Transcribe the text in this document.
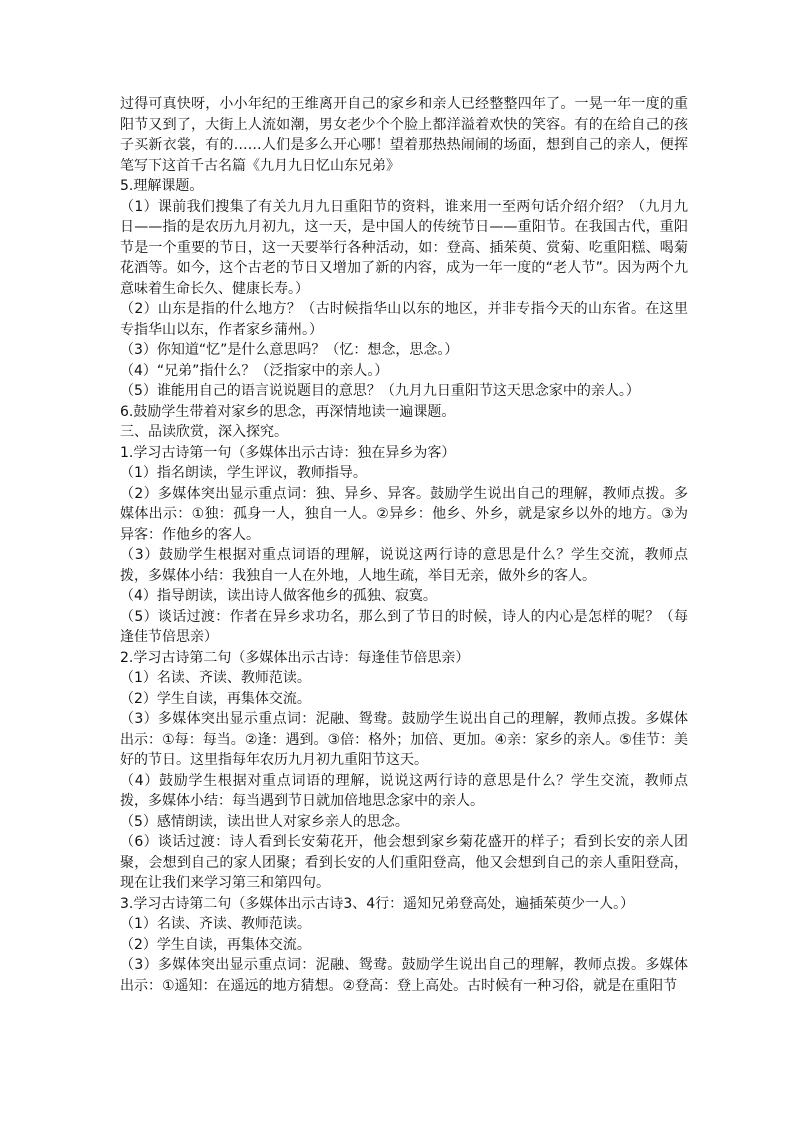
过得可真快呀，小小年纪的王维离开自己的家乡和亲人已经整整四年了。一晃一年一度的重阳节又到了，大街上人流如潮，男女老少个个脸上都洋溢着欢快的笑容。有的在给自己的孩子买新衣裳，有的……人们是多么开心哪！望着那热热闹闹的场面，想到自己的亲人，便挥笔写下这首千古名篇《九月九日忆山东兄弟》

5.理解课题。

（1）课前我们搜集了有关九月九日重阳节的资料，谁来用一至两句话介绍介绍？（九月九日——指的是农历九月初九，这一天，是中国人的传统节日——重阳节。在我国古代，重阳节是一个重要的节日，这一天要举行各种活动，如：登高、插茱萸、赏菊、吃重阳糕、喝菊花酒等。如今，这个古老的节日又增加了新的内容，成为一年一度的“老人节”。因为两个九意味着生命长久、健康长寿。）

（2）山东是指的什么地方？（古时候指华山以东的地区，并非专指今天的山东省。在这里专指华山以东，作者家乡蒲州。）

（3）你知道“忆”是什么意思吗？（忆：想念，思念。）

（4）“兄弟”指什么？（泛指家中的亲人。）

（5）谁能用自己的语言说说题目的意思？（九月九日重阳节这天思念家中的亲人。）

6.鼓励学生带着对家乡的思念，再深情地读一遍课题。

三、品读欣赏，深入探究。

1.学习古诗第一句（多媒体出示古诗：独在异乡为客）

（1）指名朗读，学生评议，教师指导。

（2）多媒体突出显示重点词：独、异乡、异客。鼓励学生说出自己的理解，教师点拨。多媒体出示：①独：孤身一人，独自一人。②异乡：他乡、外乡，就是家乡以外的地方。③为异客：作他乡的客人。

（3）鼓励学生根据对重点词语的理解，说说这两行诗的意思是什么？学生交流，教师点拨，多媒体小结：我独自一人在外地，人地生疏，举目无亲，做外乡的客人。

（4）指导朗读，读出诗人做客他乡的孤独、寂寞。

（5）谈话过渡：作者在异乡求功名，那么到了节日的时候，诗人的内心是怎样的呢？（每逢佳节倍思亲）

2.学习古诗第二句（多媒体出示古诗：每逢佳节倍思亲）

（1）名读、齐读、教师范读。

（2）学生自读，再集体交流。

（3）多媒体突出显示重点词：泥融、鸳鸯。鼓励学生说出自己的理解，教师点拨。多媒体出示：①每：每当。②逢：遇到。③倍：格外；加倍、更加。④亲：家乡的亲人。⑤佳节：美好的节日。这里指每年农历九月初九重阳节这天。

（4）鼓励学生根据对重点词语的理解，说说这两行诗的意思是什么？学生交流，教师点拨，多媒体小结：每当遇到节日就加倍地思念家中的亲人。

（5）感情朗读，读出世人对家乡亲人的思念。

（6）谈话过渡：诗人看到长安菊花开，他会想到家乡菊花盛开的样子；看到长安的亲人团聚，会想到自己的家人团聚；看到长安的人们重阳登高，他又会想到自己的亲人重阳登高，现在让我们来学习第三和第四句。

3.学习古诗第二句（多媒体出示古诗3、4行：遥知兄弟登高处，遍插茱萸少一人。）

（1）名读、齐读、教师范读。

（2）学生自读，再集体交流。

（3）多媒体突出显示重点词：泥融、鸳鸯。鼓励学生说出自己的理解，教师点拨。多媒体出示：①遥知：在遥远的地方猜想。②登高：登上高处。古时候有一种习俗，就是在重阳节
